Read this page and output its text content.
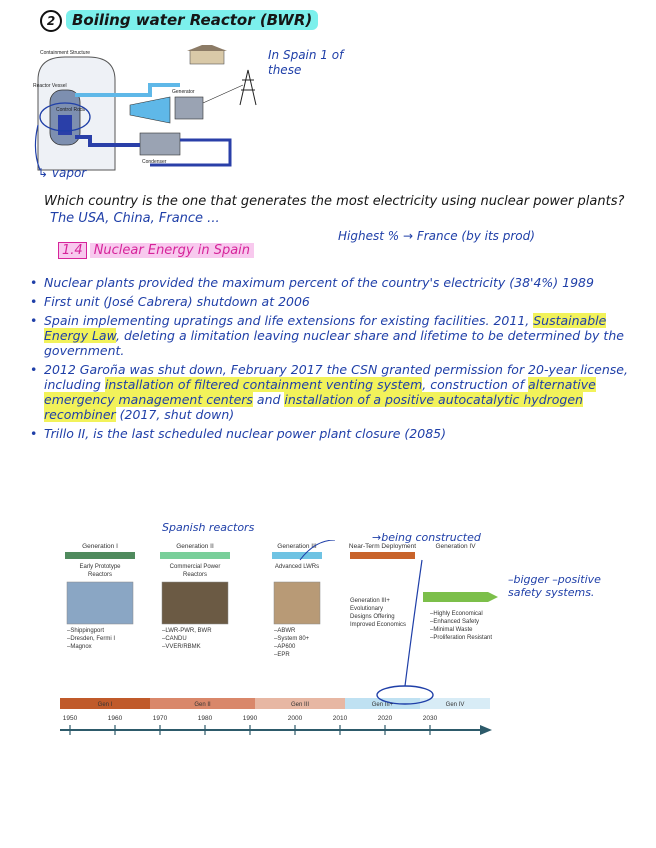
2 Boiling water Reactor (BWR)
Containment Structure
Reactor Vessel
Control Rods
Generator
Condenser
In Spain 1 of these
↳ vapor
Which country is the one that generates the most electricity using nuclear power plants?The USA, China, France ...
Highest % → France (by its prod)
1.4 Nuclear Energy in Spain
• Nuclear plants provided the maximum percent of the country's electricity (38'4%) 1989
• First unit (José Cabrera) shutdown at 2006
• Spain implementing upratings and life extensions for existing facilities. 2011, Sustainable Energy Law, deleting a limitation leaving nuclear share and lifetime to be determined by the government.
• 2012 Garoña was shut down, February 2017 the CSN granted permission for 20-year license, including installation of filtered containment venting system, construction of alternative emergency management centers and installation of a positive autocatalytic hydrogen recombiner (2017, shut down)
• Trillo II, is the last scheduled nuclear power plant closure (2085)
Generation I
Early Prototype
Reactors
–Shippingport
–Dresden, Fermi I
–Magnox
Generation II
Commercial Power
Reactors
–LWR-PWR, BWR
–CANDU
–VVER/RBMK
Generation III
Advanced LWRs
–ABWR
–System 80+
–AP600
–EPR
Near-Term Deployment
Generation III+
Evolutionary
Designs Offering
Improved Economics
Generation IV
–Highly Economical
–Enhanced Safety
–Minimal Waste
–Proliferation Resistant
Gen I	Gen II	Gen III	Gen III+	Gen IV
1950	1960	1970	1980	1990	2000	2010	2020	2030
Spanish reactors
→being constructed
–bigger –positive safety systems.
